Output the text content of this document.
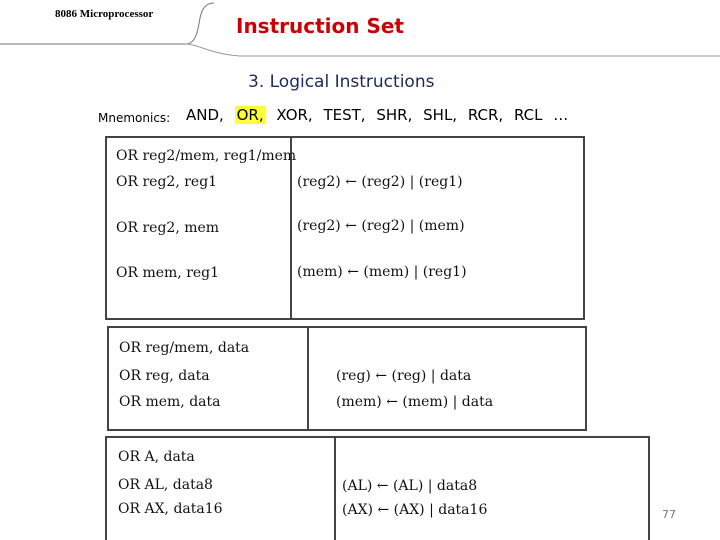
8086 Microprocessor	Instruction Set
3. Logical Instructions
Mnemonics: AND, OR, XOR, TEST, SHR, SHL, RCR, RCL …
OR reg2/mem, reg1/mem
OR reg2, reg1	(reg2) ← (reg2) | (reg1)
OR reg2, mem	(reg2) ← (reg2) | (mem)
OR mem, reg1	(mem) ← (mem) | (reg1)
OR reg/mem, data
OR reg, data	(reg) ← (reg) | data
OR mem, data	(mem) ← (mem) | data
OR A, data
OR AL, data8	(AL) ← (AL) | data8
OR AX, data16	(AX) ← (AX) | data16	77
